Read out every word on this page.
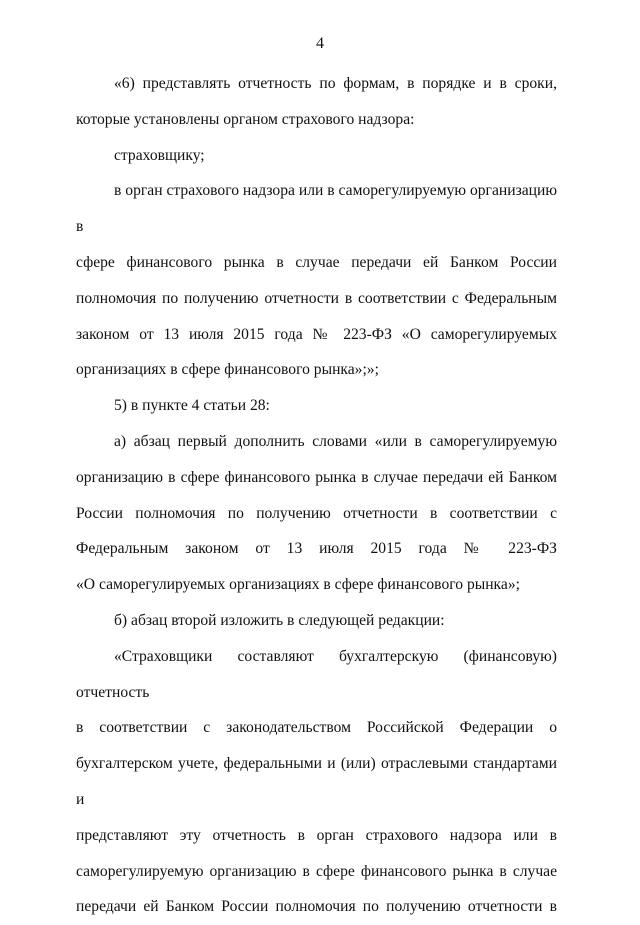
4

«6) представлять отчетность по формам, в порядке и в сроки,
которые установлены органом страхового надзора:

страховщику;

в орган страхового надзора или в саморегулируемую организацию в
сфере финансового рынка в случае передачи ей Банком России
полномочия по получению отчетности в соответствии с Федеральным
законом от 13 июля 2015 года № 223-ФЗ «О саморегулируемых
организациях в сфере финансового рынка»;»;

5) в пункте 4 статьи 28:

а) абзац первый дополнить словами «или в саморегулируемую
организацию в сфере финансового рынка в случае передачи ей Банком
России полномочия по получению отчетности в соответствии с
Федеральным законом от 13 июля 2015 года № 223-ФЗ
«О саморегулируемых организациях в сфере финансового рынка»;

б) абзац второй изложить в следующей редакции:

«Страховщики составляют бухгалтерскую (финансовую) отчетность
в соответствии с законодательством Российской Федерации о
бухгалтерском учете, федеральными и (или) отраслевыми стандартами и
представляют эту отчетность в орган страхового надзора или в
саморегулируемую организацию в сфере финансового рынка в случае
передачи ей Банком России полномочия по получению отчетности в
